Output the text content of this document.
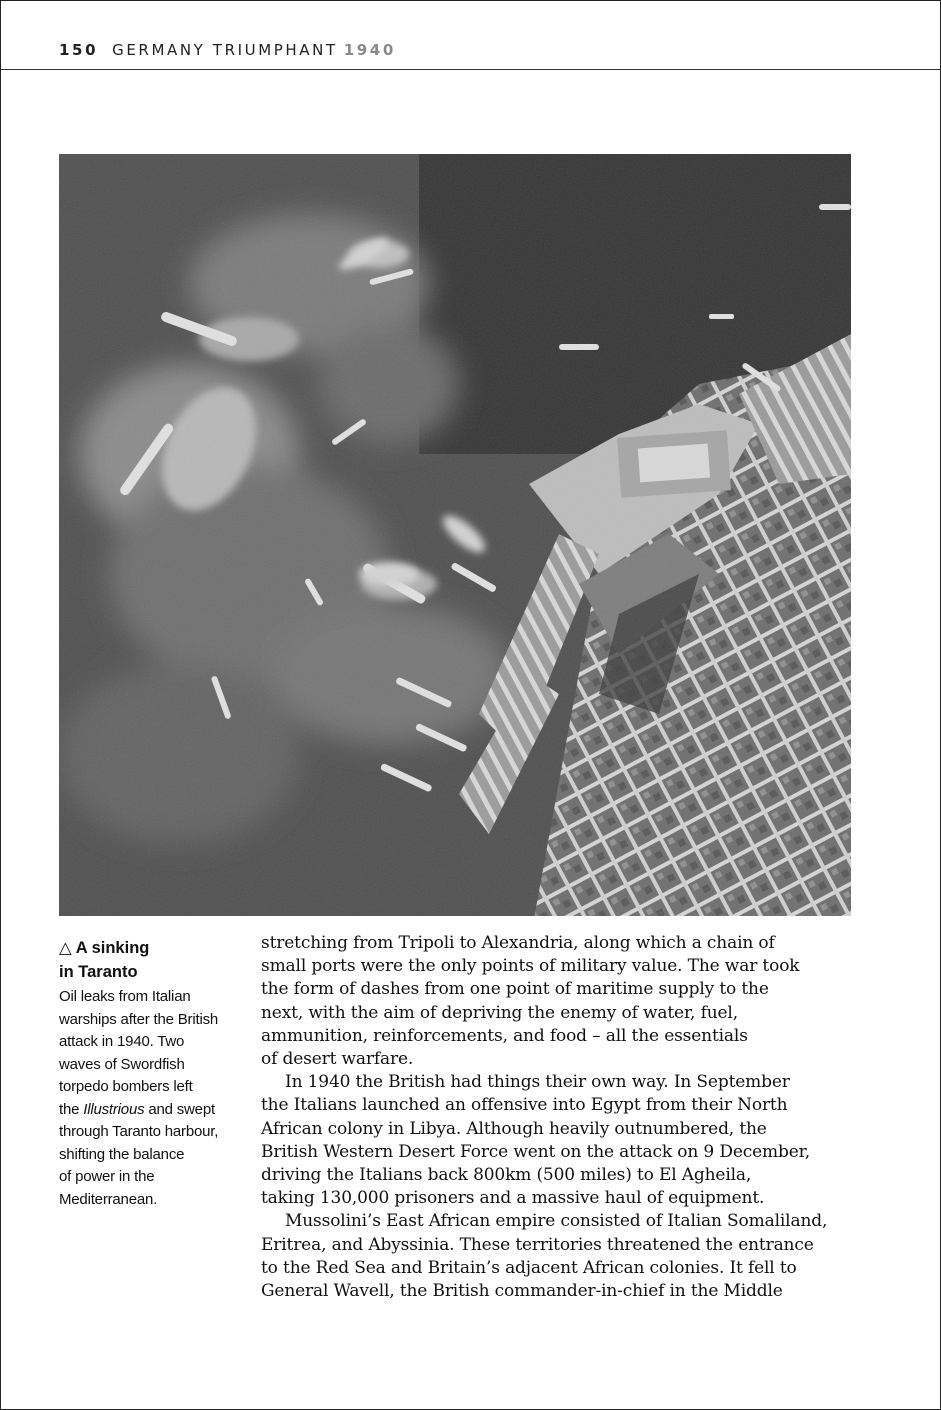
150 GERMANY TRIUMPHANT 1940
△ A sinking
in Taranto
Oil leaks from Italian
warships after the British
attack in 1940. Two
waves of Swordfish
torpedo bombers left
the Illustrious and swept
through Taranto harbour,
shifting the balance
of power in the
Mediterranean.
stretching from Tripoli to Alexandria, along which a chain of
small ports were the only points of military value. The war took
the form of dashes from one point of maritime supply to the
next, with the aim of depriving the enemy of water, fuel,
ammunition, reinforcements, and food – all the essentials
of desert warfare.
In 1940 the British had things their own way. In September
the Italians launched an offensive into Egypt from their North
African colony in Libya. Although heavily outnumbered, the
British Western Desert Force went on the attack on 9 December,
driving the Italians back 800km (500 miles) to El Agheila,
taking 130,000 prisoners and a massive haul of equipment.
Mussolini’s East African empire consisted of Italian Somaliland,
Eritrea, and Abyssinia. These territories threatened the entrance
to the Red Sea and Britain’s adjacent African colonies. It fell to
General Wavell, the British commander-in-chief in the Middle
